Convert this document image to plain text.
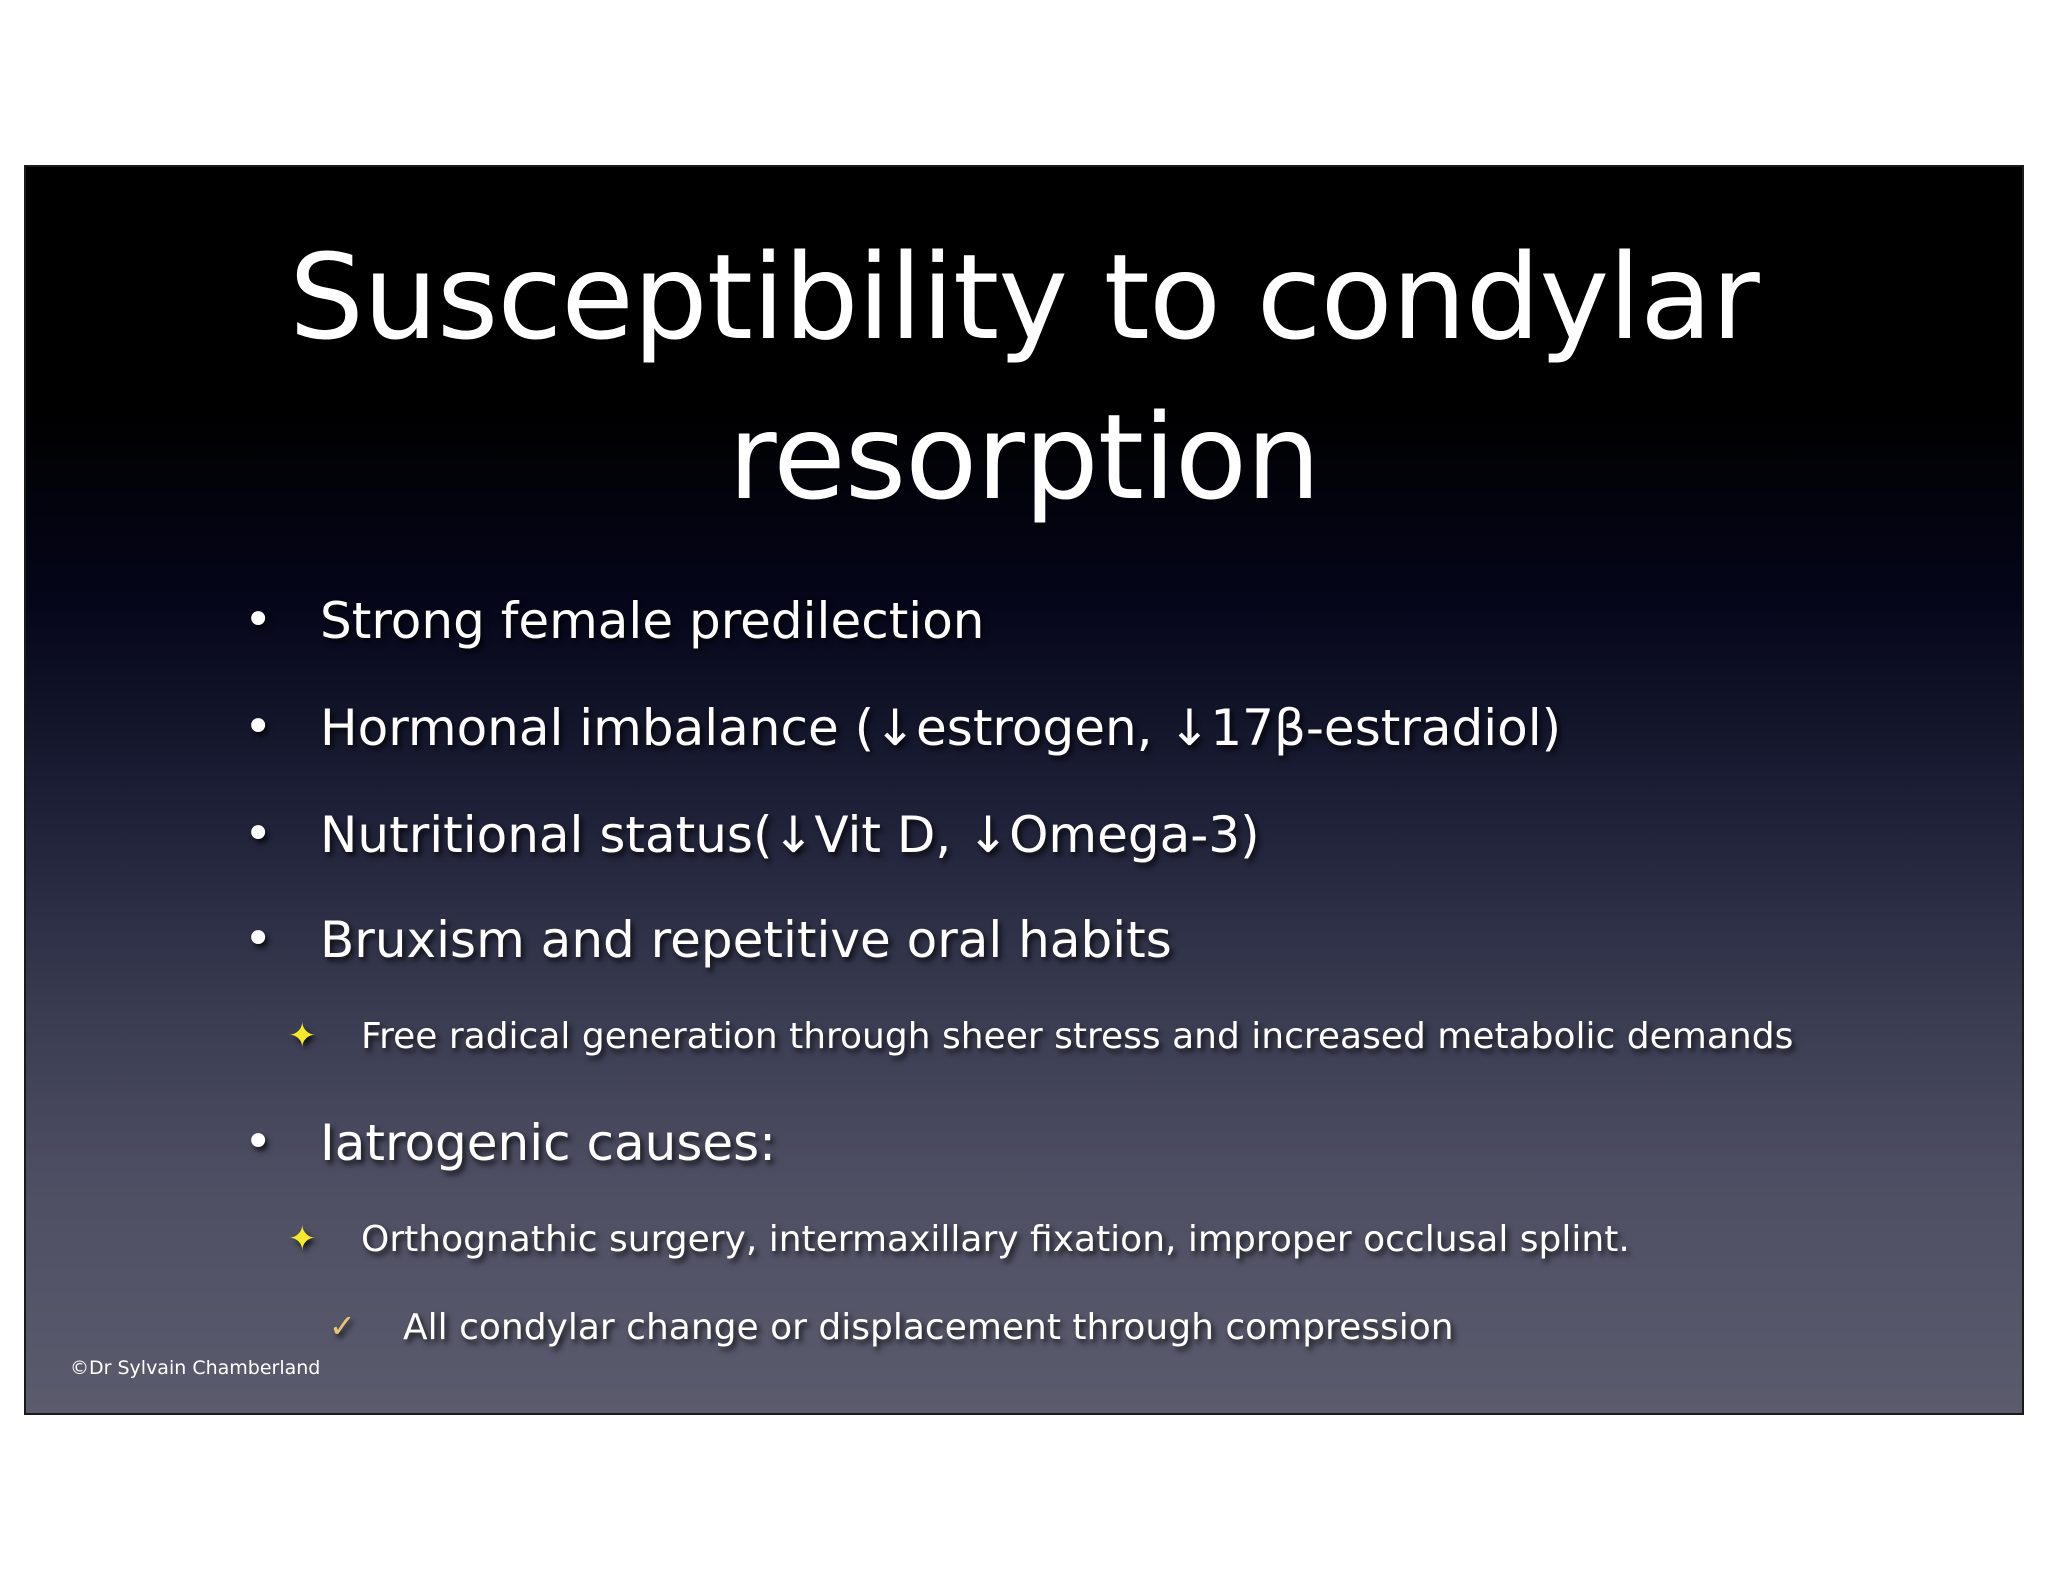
Susceptibility to condylar
resorption
• Strong female predilection
• Hormonal imbalance (↓estrogen, ↓17β-estradiol)
• Nutritional status(↓Vit D, ↓Omega-3)
• Bruxism and repetitive oral habits
✦ Free radical generation through sheer stress and increased metabolic demands
• Iatrogenic causes:
✦ Orthognathic surgery, intermaxillary fixation, improper occlusal splint.
✓ All condylar change or displacement through compression
©Dr Sylvain Chamberland
